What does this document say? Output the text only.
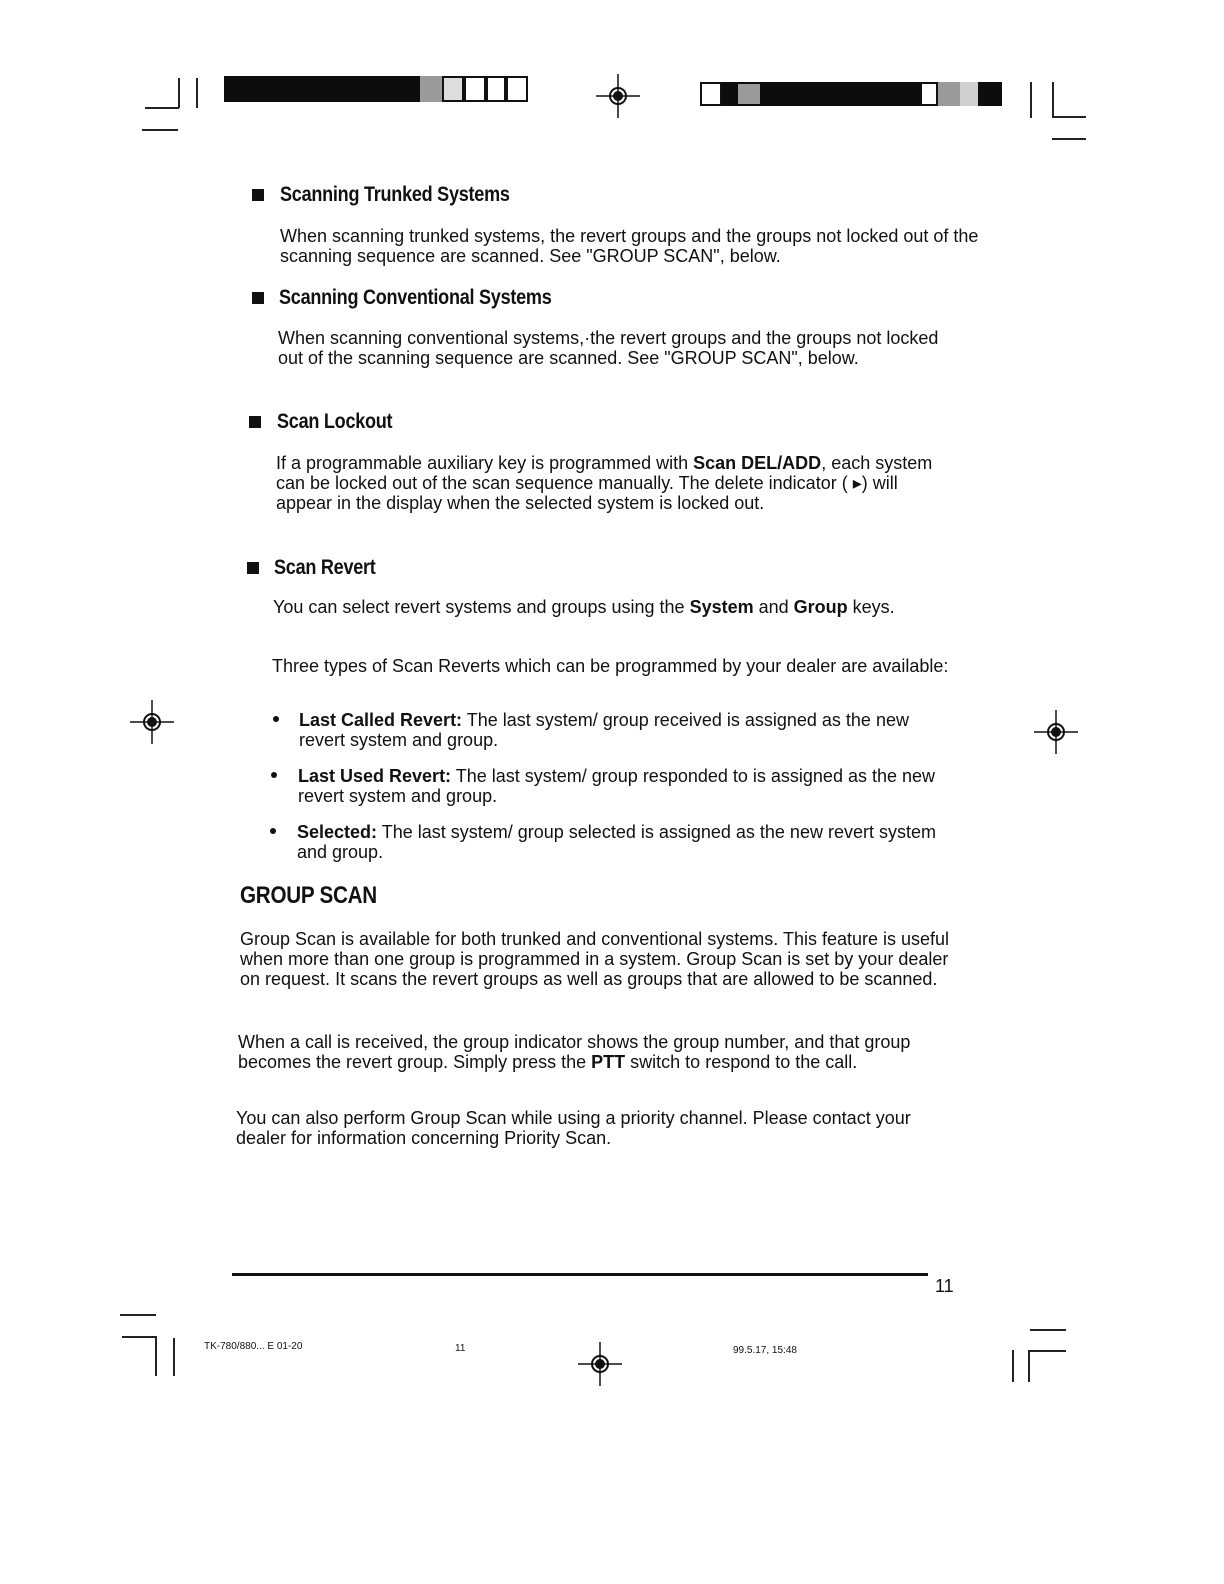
Scanning Trunked Systems
When scanning trunked systems, the revert groups and the groups not locked out of the scanning sequence are scanned. See "GROUP SCAN", below.
Scanning Conventional Systems
When scanning conventional systems,·the revert groups and the groups not locked out of the scanning sequence are scanned. See "GROUP SCAN", below.
Scan Lockout
If a programmable auxiliary key is programmed with Scan DEL/ADD, each system can be locked out of the scan sequence manually. The delete indicator ( ▸) will appear in the display when the selected system is locked out.
Scan Revert
You can select revert systems and groups using the System and Group keys.
Three types of Scan Reverts which can be programmed by your dealer are available:
Last Called Revert: The last system/ group received is assigned as the new revert system and group.
Last Used Revert: The last system/ group responded to is assigned as the new revert system and group.
Selected: The last system/ group selected is assigned as the new revert system and group.
GROUP SCAN
Group Scan is available for both trunked and conventional systems. This feature is useful when more than one group is programmed in a system. Group Scan is set by your dealer on request. It scans the revert groups as well as groups that are allowed to be scanned.
When a call is received, the group indicator shows the group number, and that group becomes the revert group. Simply press the PTT switch to respond to the call.
You can also perform Group Scan while using a priority channel. Please contact your dealer for information concerning Priority Scan.
11
TK-780/880... E 01-20	11	99.5.17, 15:48
